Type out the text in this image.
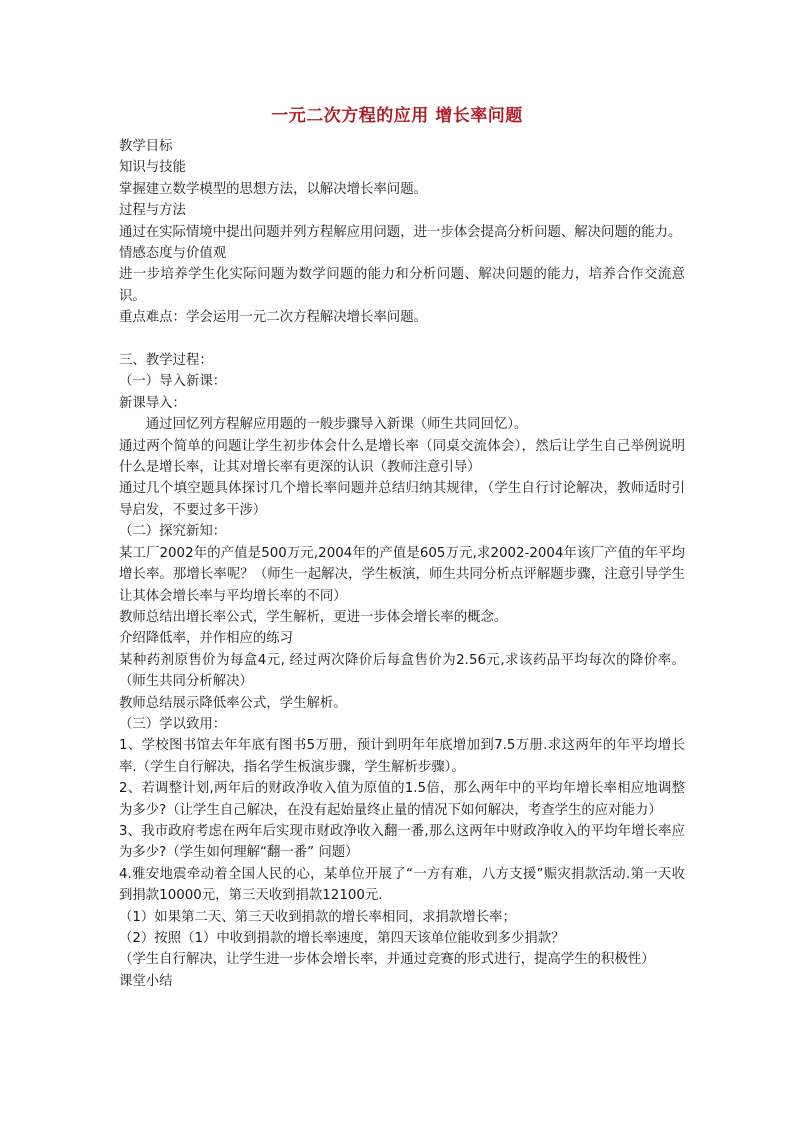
一元二次方程的应用 增长率问题

教学目标

知识与技能

掌握建立数学模型的思想方法，以解决增长率问题。

过程与方法

通过在实际情境中提出问题并列方程解应用问题，进一步体会提高分析问题、解决问题的能力。

情感态度与价值观

进一步培养学生化实际问题为数学问题的能力和分析问题、解决问题的能力，培养合作交流意识。

重点难点：学会运用一元二次方程解决增长率问题。

三、教学过程：

（一）导入新课：

新课导入：

通过回忆列方程解应用题的一般步骤导入新课（师生共同回忆）。

通过两个简单的问题让学生初步体会什么是增长率（同桌交流体会），然后让学生自己举例说明什么是增长率，让其对增长率有更深的认识（教师注意引导）

通过几个填空题具体探讨几个增长率问题并总结归纳其规律，（学生自行讨论解决，教师适时引导启发，不要过多干涉）

（二）探究新知：

某工厂2002年的产值是500万元,2004年的产值是605万元,求2002-2004年该厂产值的年平均增长率。那增长率呢？（师生一起解决，学生板演，师生共同分析点评解题步骤，注意引导学生让其体会增长率与平均增长率的不同）

教师总结出增长率公式，学生解析，更进一步体会增长率的概念。

介绍降低率，并作相应的练习

某种药剂原售价为每盒4元, 经过两次降价后每盒售价为2.56元,求该药品平均每次的降价率。（师生共同分析解决）

教师总结展示降低率公式，学生解析。

（三）学以致用：

1、学校图书馆去年年底有图书5万册，预计到明年年底增加到7.5万册.求这两年的年平均增长率.（学生自行解决，指名学生板演步骤，学生解析步骤）。

2、若调整计划,两年后的财政净收入值为原值的1.5倍，那么两年中的平均年增长率相应地调整为多少?（让学生自己解决，在没有起始量终止量的情况下如何解决，考查学生的应对能力）

3、我市政府考虑在两年后实现市财政净收入翻一番,那么这两年中财政净收入的平均年增长率应为多少?（学生如何理解“翻一番” 问题）

4.雅安地震牵动着全国人民的心，某单位开展了“一方有难，八方支援”赈灾捐款活动.第一天收到捐款10000元，第三天收到捐款12100元.

（1）如果第二天、第三天收到捐款的增长率相同，求捐款增长率；

（2）按照（1）中收到捐款的增长率速度，第四天该单位能收到多少捐款？

（学生自行解决，让学生进一步体会增长率，并通过竞赛的形式进行，提高学生的积极性）

课堂小结
